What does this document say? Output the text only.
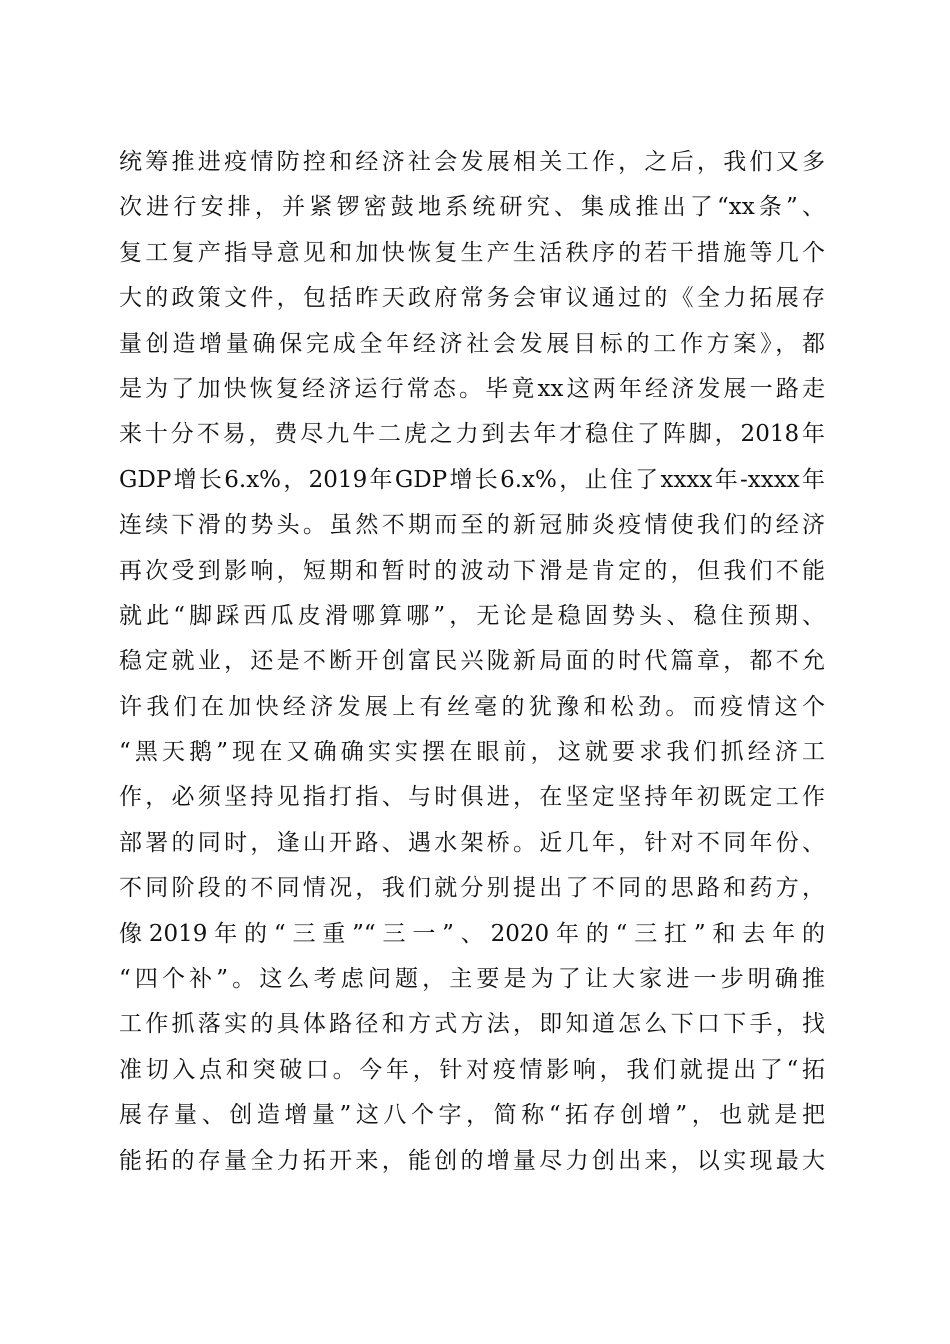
统筹推进疫情防控和经济社会发展相关工作，之后，我们又多
次进行安排，并紧锣密鼓地系统研究、集成推出了“xx条”、
复工复产指导意见和加快恢复生产生活秩序的若干措施等几个
大的政策文件，包括昨天政府常务会审议通过的《全力拓展存
量创造增量确保完成全年经济社会发展目标的工作方案》，都
是为了加快恢复经济运行常态。毕竟xx这两年经济发展一路走
来十分不易，费尽九牛二虎之力到去年才稳住了阵脚，2018年
GDP增长6.x%，2019年GDP增长6.x%，止住了xxxx年-xxxx年
连续下滑的势头。虽然不期而至的新冠肺炎疫情使我们的经济
再次受到影响，短期和暂时的波动下滑是肯定的，但我们不能
就此“脚踩西瓜皮滑哪算哪”，无论是稳固势头、稳住预期、
稳定就业，还是不断开创富民兴陇新局面的时代篇章，都不允
许我们在加快经济发展上有丝毫的犹豫和松劲。而疫情这个
“黑天鹅”现在又确确实实摆在眼前，这就要求我们抓经济工
作，必须坚持见指打指、与时俱进，在坚定坚持年初既定工作
部署的同时，逢山开路、遇水架桥。近几年，针对不同年份、
不同阶段的不同情况，我们就分别提出了不同的思路和药方，
像2019年的“三重”“三一”、2020年的“三扛”和去年的
“四个补”。这么考虑问题，主要是为了让大家进一步明确推
工作抓落实的具体路径和方式方法，即知道怎么下口下手，找
准切入点和突破口。今年，针对疫情影响，我们就提出了“拓
展存量、创造增量”这八个字，简称“拓存创增”，也就是把
能拓的存量全力拓开来，能创的增量尽力创出来，以实现最大
